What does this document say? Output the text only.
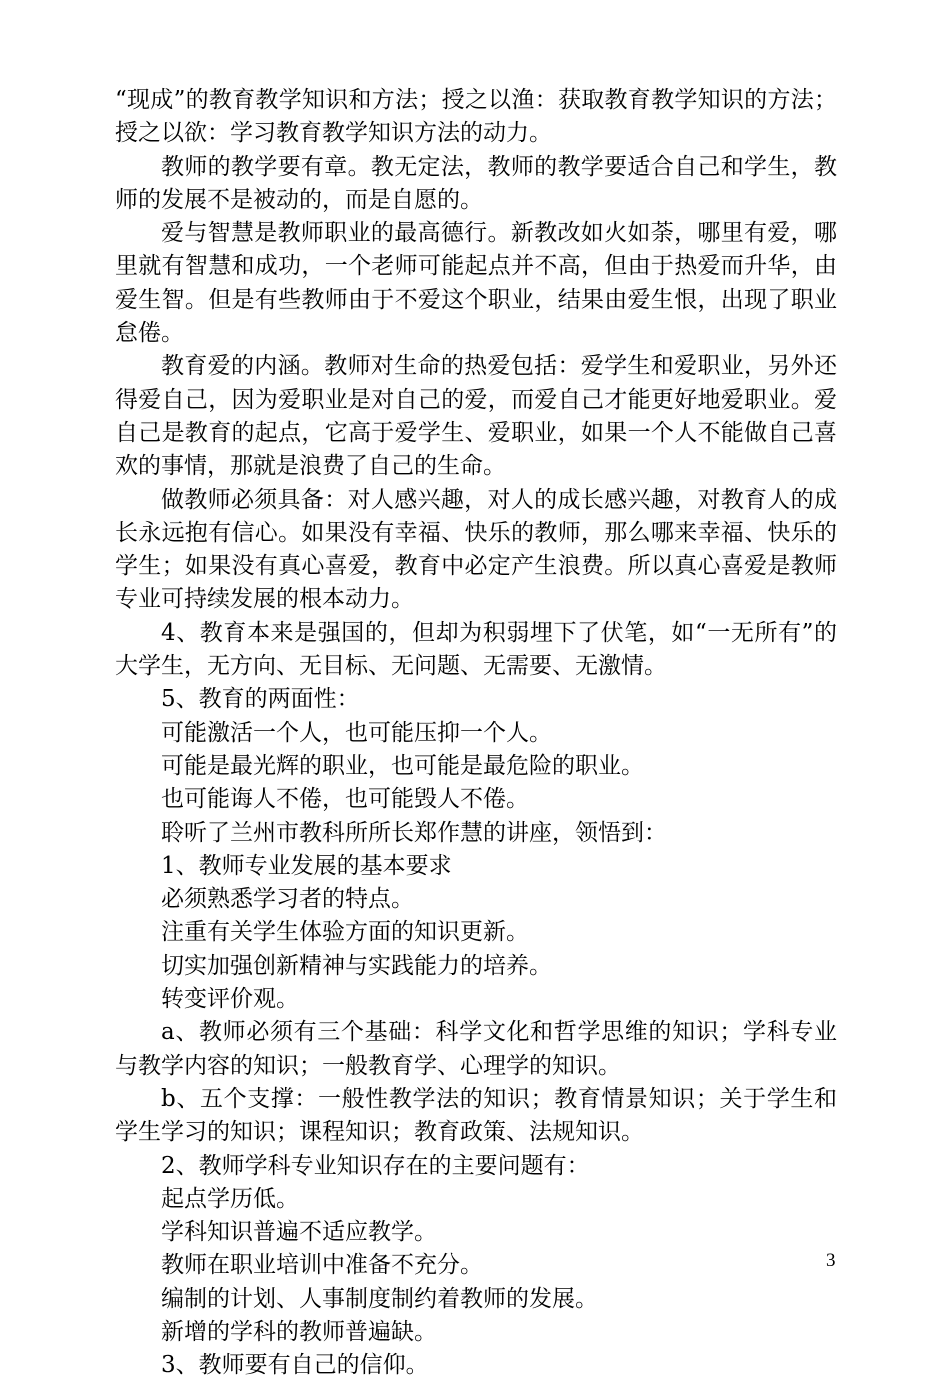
“现成”的教育教学知识和方法；授之以渔：获取教育教学知识的方法；授之以欲：学习教育教学知识方法的动力。

教师的教学要有章。教无定法，教师的教学要适合自己和学生，教师的发展不是被动的，而是自愿的。

爱与智慧是教师职业的最高德行。新教改如火如荼，哪里有爱，哪里就有智慧和成功，一个老师可能起点并不高，但由于热爱而升华，由爱生智。但是有些教师由于不爱这个职业，结果由爱生恨，出现了职业怠倦。

教育爱的内涵。教师对生命的热爱包括：爱学生和爱职业，另外还得爱自己，因为爱职业是对自己的爱，而爱自己才能更好地爱职业。爱自己是教育的起点，它高于爱学生、爱职业，如果一个人不能做自己喜欢的事情，那就是浪费了自己的生命。

做教师必须具备：对人感兴趣，对人的成长感兴趣，对教育人的成长永远抱有信心。如果没有幸福、快乐的教师，那么哪来幸福、快乐的学生；如果没有真心喜爱，教育中必定产生浪费。所以真心喜爱是教师专业可持续发展的根本动力。

4、教育本来是强国的，但却为积弱埋下了伏笔，如“一无所有”的大学生，无方向、无目标、无问题、无需要、无激情。

5、教育的两面性：

可能激活一个人，也可能压抑一个人。

可能是最光辉的职业，也可能是最危险的职业。

也可能诲人不倦，也可能毁人不倦。

聆听了兰州市教科所所长郑作慧的讲座，领悟到：

1、教师专业发展的基本要求

必须熟悉学习者的特点。

注重有关学生体验方面的知识更新。

切实加强创新精神与实践能力的培养。

转变评价观。

a、教师必须有三个基础：科学文化和哲学思维的知识；学科专业与教学内容的知识；一般教育学、心理学的知识。

b、五个支撑：一般性教学法的知识；教育情景知识；关于学生和学生学习的知识；课程知识；教育政策、法规知识。

2、教师学科专业知识存在的主要问题有：

起点学历低。

学科知识普遍不适应教学。

教师在职业培训中准备不充分。

编制的计划、人事制度制约着教师的发展。

新增的学科的教师普遍缺。

3、教师要有自己的信仰。

3
